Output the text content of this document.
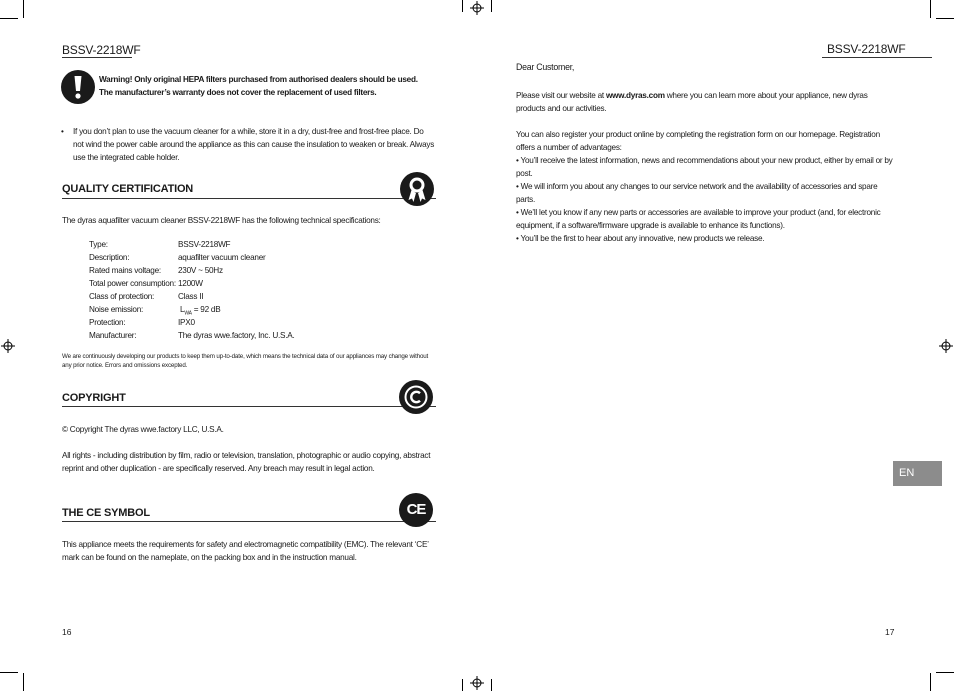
BSSV-2218WF

Warning! Only original HEPA filters purchased from authorised dealers should be used.

The manufacturer’s warranty does not cover the replacement of used filters.

• If you don’t plan to use the vacuum cleaner for a while, store it in a dry, dust-free and frost-free place. Do not wind the power cable around the appliance as this can cause the insulation to weaken or break. Always use the integrated cable holder.
QUALITY CERTIFICATION
The dyras aquafilter vacuum cleaner BSSV-2218WF has the following technical specifications:
Type:	BSSV-2218WF
Description:	aquafilter vacuum cleaner
Rated mains voltage: 230V ~ 50Hz
Total power consumption: 1200W
Class of protection:	Class II
Noise emission:	$L_{WA} = 92$ dB
Protection:	IPX0
Manufacturer:	The dyras wwe.factory, Inc. U.S.A.
We are continuously developing our products to keep them up-to-date, which means the technical data of our appliances may change without any prior notice. Errors and omissions excepted.
COPYRIGHT
© Copyright The dyras wwe.factory LLC, U.S.A.
All rights - including distribution by film, radio or television, translation, photographic or audio copying, abstract reprint and other duplication - are specifically reserved. Any breach may result in legal action.
THE CE SYMBOL	CE
This appliance meets the requirements for safety and electromagnetic compatibility (EMC). The relevant ‘CE’ mark can be found on the nameplate, on the packing box and in the instruction manual.
16
BSSV-2218WF
Dear Customer,
Please visit our website at www.dyras.com where you can learn more about your appliance, new dyras products and our activities.
You can also register your product online by completing the registration form on our homepage. Registration offers a number of advantages:

• You’ll receive the latest information, news and recommendations about your new product, either by email or by post.

• We will inform you about any changes to our service network and the availability of accessories and spare parts.

• We’ll let you know if any new parts or accessories are available to improve your product (and, for electronic equipment, if a software/firmware upgrade is available to enhance its functions).

• You’ll be the first to hear about any innovative, new products we release.

EN
17
